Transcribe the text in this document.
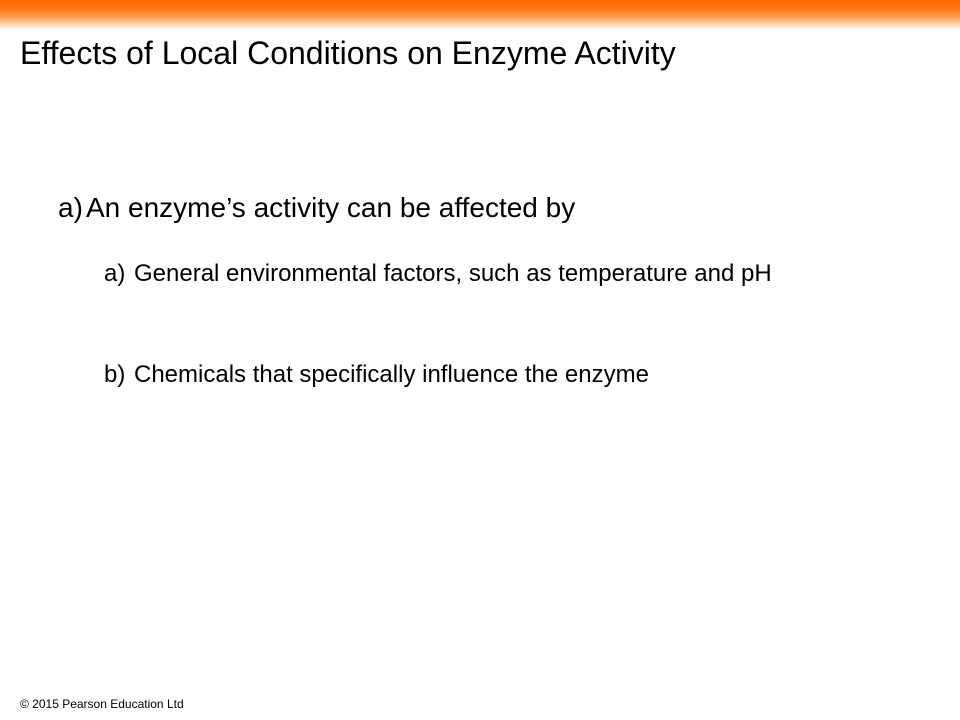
Effects of Local Conditions on Enzyme Activity
a) An enzyme’s activity can be affected by
a) General environmental factors, such as temperature and pH
b) Chemicals that specifically influence the enzyme
© 2015 Pearson Education Ltd
